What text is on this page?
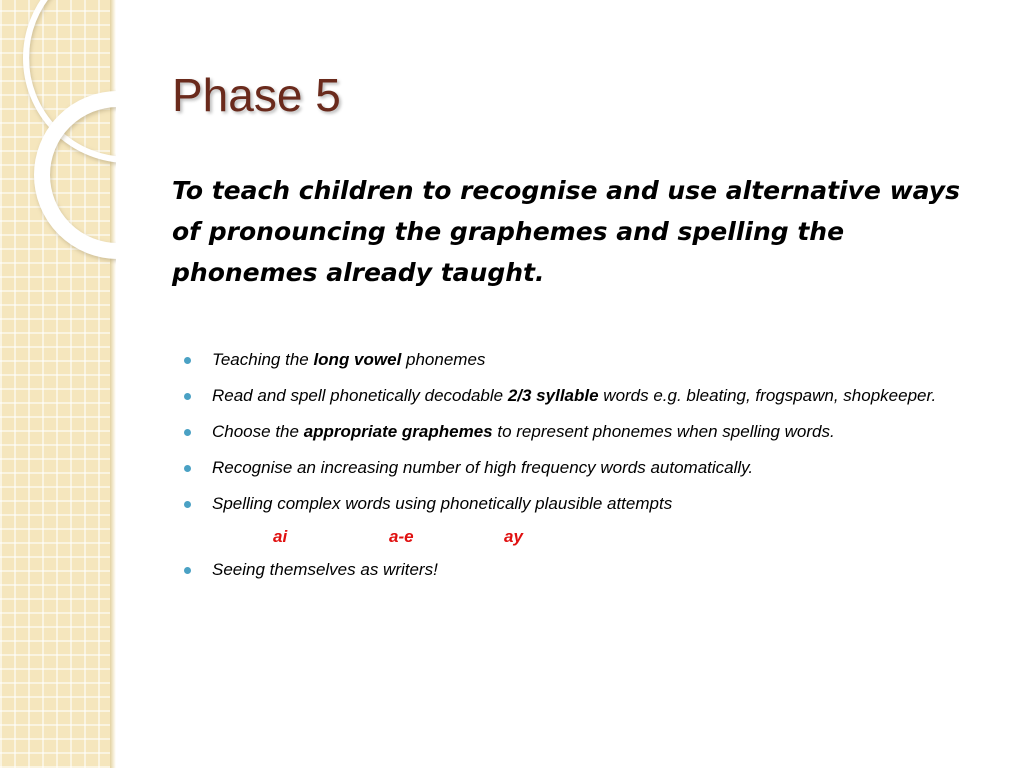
Phase 5

To teach children to recognise and use alternative ways of pronouncing the graphemes and spelling the phonemes already taught.

Teaching the long vowel phonemes
Read and spell phonetically decodable 2/3 syllable words e.g. bleating, frogspawn, shopkeeper.
Choose the appropriate graphemes to represent phonemes when spelling words.
Recognise an increasing number of high frequency words automatically.
Spelling complex words using phonetically plausible attempts
ai	a-e	ay
Seeing themselves as writers!
